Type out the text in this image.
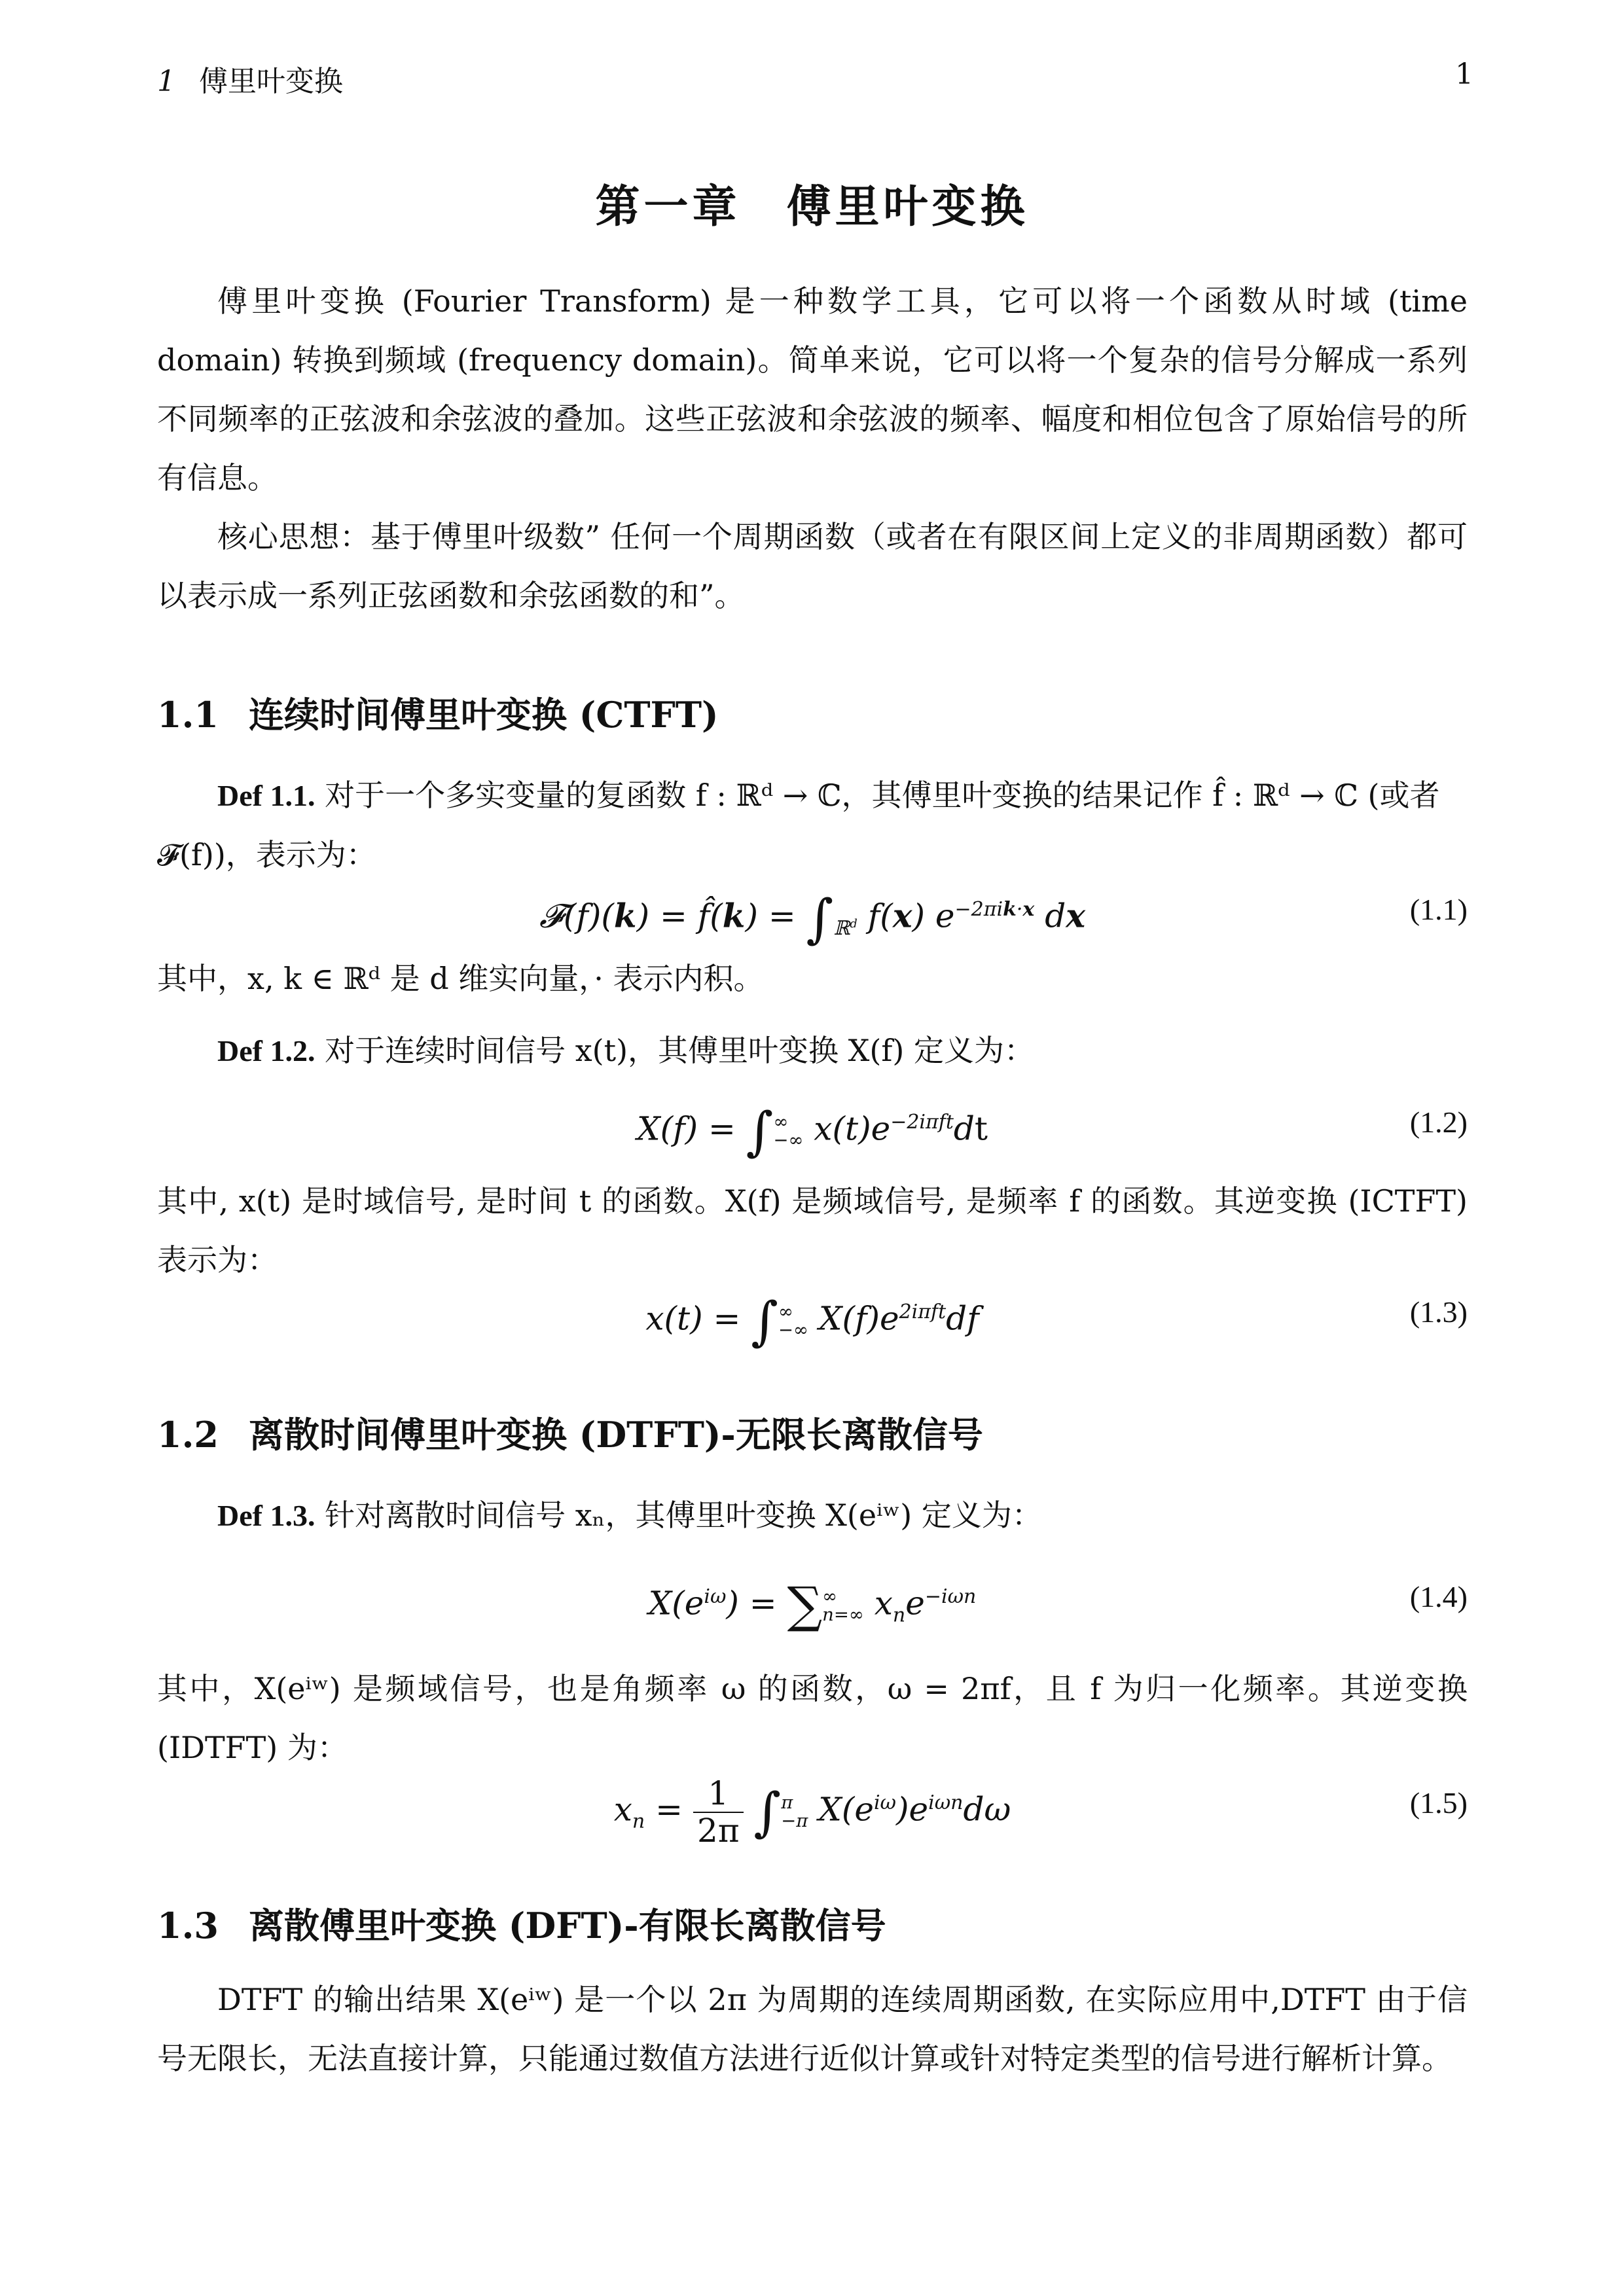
1 傅里叶变换	1
第一章 傅里叶变换

傅里叶变换 (Fourier Transform) 是一种数学工具，它可以将一个函数从时域 (time domain) 转换到频域 (frequency domain)。简单来说，它可以将一个复杂的信号分解成一系列不同频率的正弦波和余弦波的叠加。这些正弦波和余弦波的频率、幅度和相位包含了原始信号的所有信息。

核心思想：基于傅里叶级数” 任何一个周期函数（或者在有限区间上定义的非周期函数）都可以表示成一系列正弦函数和余弦函数的和”。

1.1 连续时间傅里叶变换 (CTFT)

Def 1.1. 对于一个多实变量的复函数 f : ℝᵈ → ℂ，其傅里叶变换的结果记作 f̂ : ℝᵈ → ℂ (或者 𝓕(f))，表示为：

𝓕(f)(k) = f̂(k) = $\int_{ℝ^d}$ f(x) $e^{-2\pi ik\cdot x}$ dx	(1.1)

其中，x, k ∈ ℝᵈ 是 d 维实向量，· 表示内积。

Def 1.2. 对于连续时间信号 x(t)，其傅里叶变换 X(f) 定义为：

X(f) = ∫∞
−∞ $x(t)e^{-2i\pi ft}dt$	(1.2)

其中, x(t) 是时域信号, 是时间 t 的函数。X(f) 是频域信号, 是频率 f 的函数。其逆变换 (ICTFT) 表示为：

x(t) = ∫∞
−∞ $X(f)e^{2i\pi ft}df$	(1.3)
1.2 离散时间傅里叶变换 (DTFT)-无限长离散信号

Def 1.3. 针对离散时间信号 xₙ，其傅里叶变换 X(eⁱʷ) 定义为：

$X(e^{i\omega})$ = ∑∞
n=∞ $x_ne^{-i\omega n}$	(1.4)

其中，X(eⁱʷ) 是频域信号，也是角频率 ω 的函数，ω = 2πf，且 f 为归一化频率。其逆变换 (IDTFT) 为：

$x_n = \frac{1}{2\pi} \int\pi$
−π $X(e^{i\omega})e^{i\omega n}d\omega$	(1.5)
1.3 离散傅里叶变换 (DFT)-有限长离散信号

DTFT 的输出结果 X(eⁱʷ) 是一个以 2π 为周期的连续周期函数, 在实际应用中,DTFT 由于信号无限长，无法直接计算，只能通过数值方法进行近似计算或针对特定类型的信号进行解析计算。
